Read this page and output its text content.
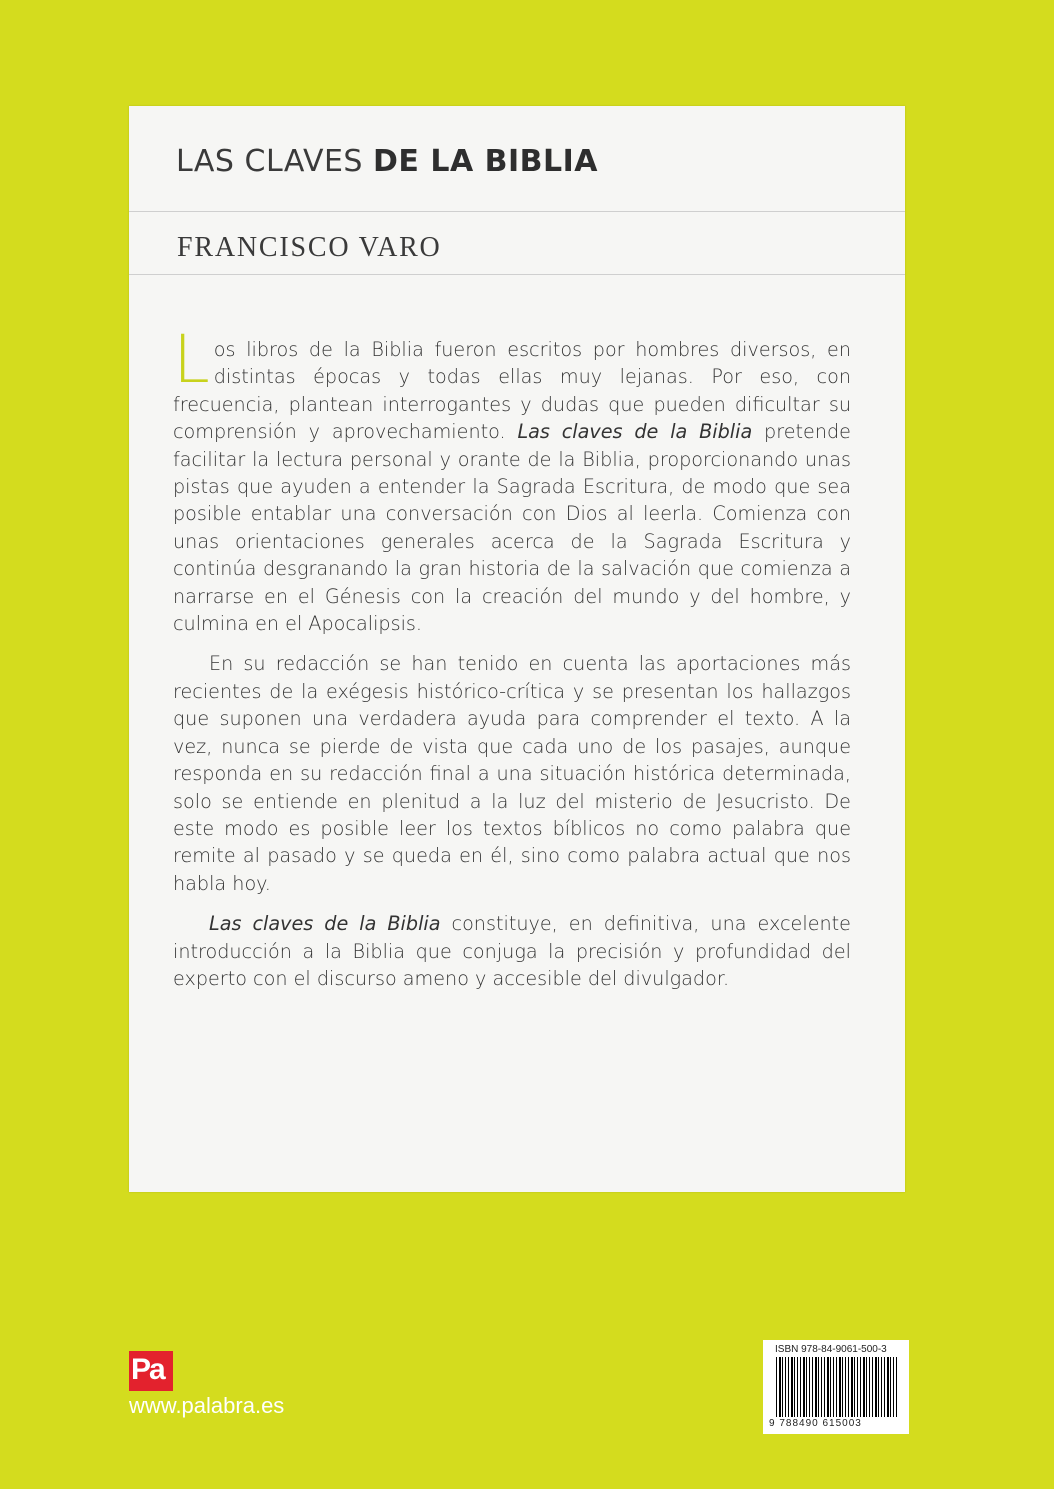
LAS CLAVES DE LA BIBLIA
FRANCISCO VARO

Los libros de la Biblia fueron escritos por hombres diversos, en distintas épocas y todas ellas muy lejanas. Por eso, con frecuencia, plantean interrogantes y dudas que pueden dificultar su comprensión y aprovechamiento. Las claves de la Biblia pretende facilitar la lectura personal y orante de la Biblia, proporcionando unas pistas que ayuden a entender la Sagrada Escritura, de modo que sea posible entablar una conversación con Dios al leerla. Comienza con unas orientaciones generales acerca de la Sagrada Escritura y continúa desgranando la gran historia de la salvación que comienza a narrarse en el Génesis con la creación del mundo y del hombre, y culmina en el Apocalipsis.

En su redacción se han tenido en cuenta las aportaciones más recientes de la exégesis histórico-crítica y se presentan los hallazgos que suponen una verdadera ayuda para comprender el texto. A la vez, nunca se pierde de vista que cada uno de los pasajes, aunque responda en su redacción final a una situación histórica determinada, solo se entiende en plenitud a la luz del misterio de Jesucristo. De este modo es posible leer los textos bíblicos no como palabra que remite al pasado y se queda en él, sino como palabra actual que nos habla hoy.

Las claves de la Biblia constituye, en definitiva, una excelente introducción a la Biblia que conjuga la precisión y profundidad del experto con el discurso ameno y accesible del divulgador.

Pa
www.palabra.es
ISBN 978-84-9061-500-3
9 788490 615003
